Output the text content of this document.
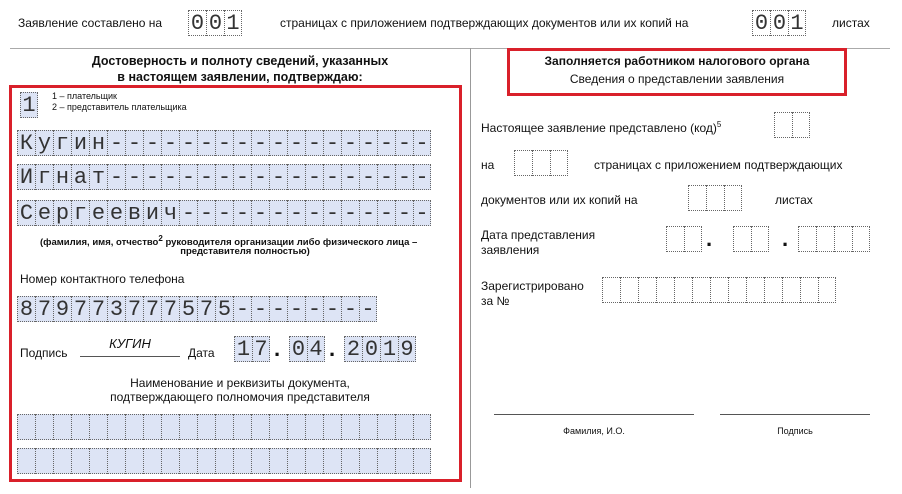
Заявление составлено на 0 0 1	страницах с приложением подтверждающих документов или их копий на	0 0 1 листах
Достоверность и полноту сведений, указанных
в настоящем заявлении, подтверждаю:
1 1 – плательщик
2 – представитель плательщика
К у г и н - - - - - - - - - - - - - - - - - -
И г н а т - - - - - - - - - - - - - - - - - -
С е р г е е в и ч - - - - - - - - - - - - - -
(фамилия, имя, отчество$^2$ руководителя организации либо физического лица –
представителя полностью)
Номер контактного телефона
8 7 9 7 7 3 7 7 7 5 7 5 - - - - - - - -
Подпись
КУГИН
Дата 1 7 . 0 4 . 2 0 1 9
Наименование и реквизиты документа,
подтверждающего полномочия представителя
Заполняется работником налогового органа
Сведения о представлении заявления
Настоящее заявление представлено (код)$^5$
на	страницах с приложением подтверждающих
документов или их копий на	листах
Дата представления
заявления	.	.
Зарегистрировано
за №
Фамилия, И.О.	Подпись
